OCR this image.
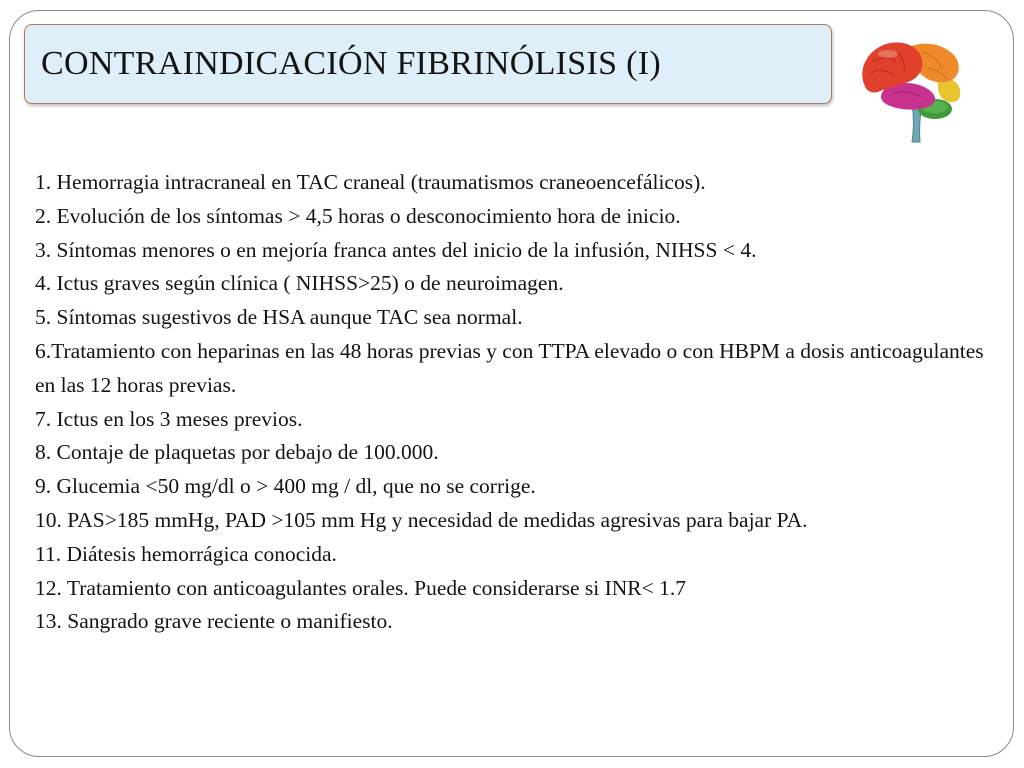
CONTRAINDICACIÓN FIBRINÓLISIS (I)
1. Hemorragia intracraneal en TAC craneal (traumatismos craneoencefálicos).
2. Evolución de los síntomas > 4,5 horas o desconocimiento hora de inicio.
3. Síntomas menores o en mejoría franca antes del inicio de la infusión, NIHSS < 4.
4. Ictus graves según clínica ( NIHSS>25) o de neuroimagen.
5. Síntomas sugestivos de HSA aunque TAC sea normal.
6.Tratamiento con heparinas en las 48 horas previas y con TTPA elevado o con HBPM a dosis anticoagulantes en las 12 horas previas.
7. Ictus en los 3 meses previos.
8. Contaje de plaquetas por debajo de 100.000.
9. Glucemia <50 mg/dl o > 400 mg / dl, que no se corrige.
10. PAS>185 mmHg, PAD >105 mm Hg y necesidad de medidas agresivas para bajar PA.
11. Diátesis hemorrágica conocida.
12. Tratamiento con anticoagulantes orales. Puede considerarse si INR< 1.7
13. Sangrado grave reciente o manifiesto.
